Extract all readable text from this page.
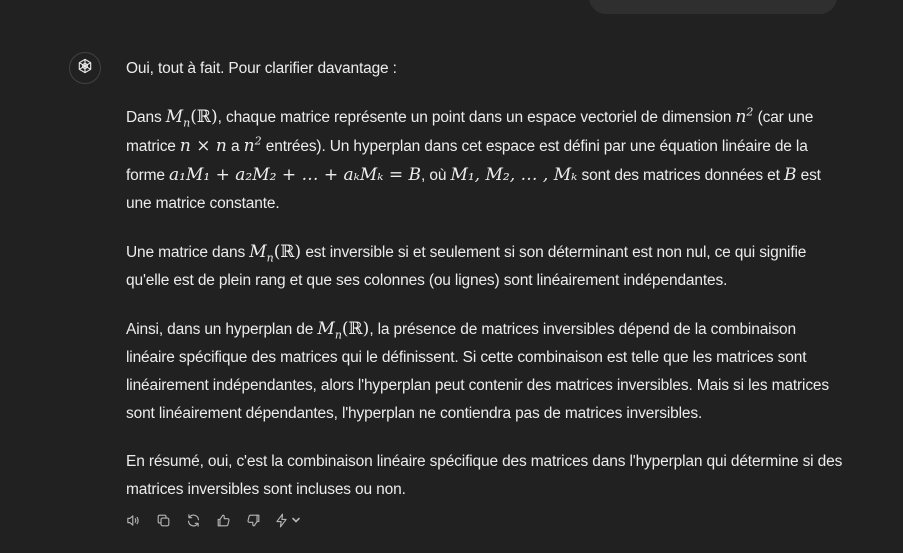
Oui, tout à fait. Pour clarifier davantage :

Dans $M_n(ℝ)$, chaque matrice représente un point dans un espace vectoriel de dimension $n^2$ (car une matrice n × n a $n^2$ entrées). Un hyperplan dans cet espace est défini par une équation linéaire de la forme a₁M₁ + a₂M₂ + … + aₖMₖ = B, où M₁, M₂, … , Mₖ sont des matrices données et B est une matrice constante.

Une matrice dans $M_n(ℝ)$ est inversible si et seulement si son déterminant est non nul, ce qui signifie qu'elle est de plein rang et que ses colonnes (ou lignes) sont linéairement indépendantes.

Ainsi, dans un hyperplan de $M_n(ℝ)$, la présence de matrices inversibles dépend de la combinaison linéaire spécifique des matrices qui le définissent. Si cette combinaison est telle que les matrices sont linéairement indépendantes, alors l'hyperplan peut contenir des matrices inversibles. Mais si les matrices sont linéairement dépendantes, l'hyperplan ne contiendra pas de matrices inversibles.

En résumé, oui, c'est la combinaison linéaire spécifique des matrices dans l'hyperplan qui détermine si des matrices inversibles sont incluses ou non.
